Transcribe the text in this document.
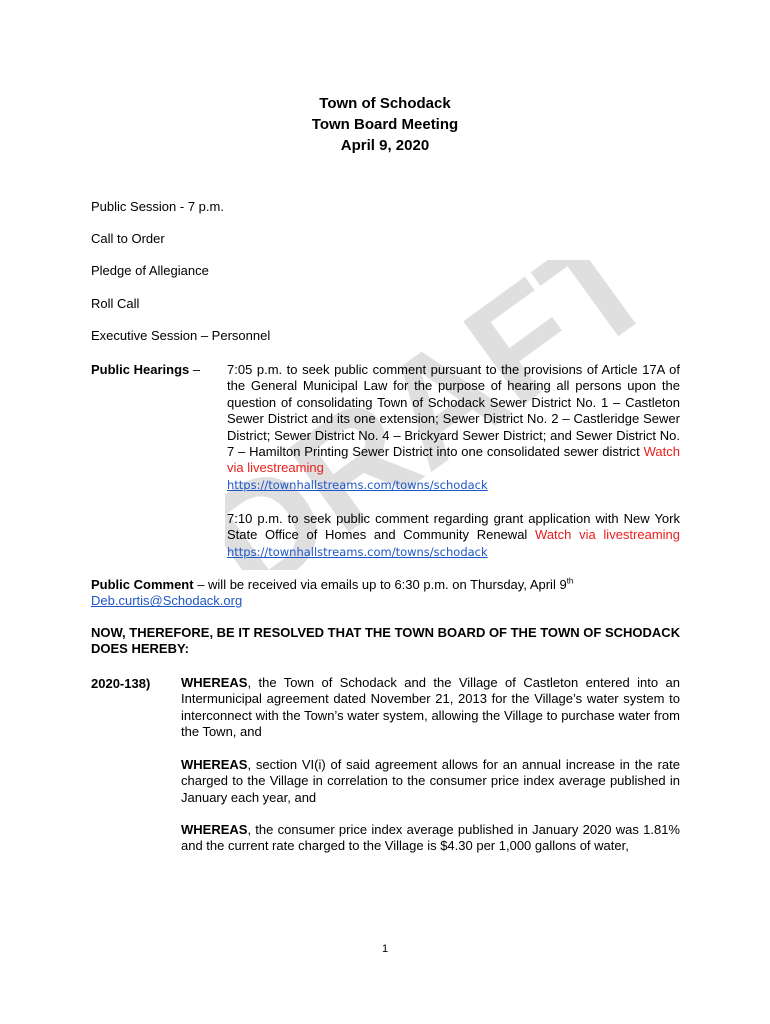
DRAFT
Town of Schodack
Town Board Meeting
April 9, 2020
Public Session - 7 p.m.
Call to Order
Pledge of Allegiance
Roll Call
Executive Session – Personnel
Public Hearings – 7:05 p.m. to seek public comment pursuant to the provisions of Article 17A of the General Municipal Law for the purpose of hearing all persons upon the question of consolidating Town of Schodack Sewer District No. 1 – Castleton Sewer District and its one extension; Sewer District No. 2 – Castleridge Sewer District; Sewer District No. 4 – Brickyard Sewer District; and Sewer District No. 7 – Hamilton Printing Sewer District into one consolidated sewer district Watch via livestreaming
https://townhallstreams.com/towns/schodack
7:10 p.m. to seek public comment regarding grant application with New York State Office of Homes and Community Renewal Watch via livestreaming https://townhallstreams.com/towns/schodack
Public Comment – will be received via emails up to 6:30 p.m. on Thursday, April 9th
Deb.curtis@Schodack.org
NOW, THEREFORE, BE IT RESOLVED THAT THE TOWN BOARD OF THE TOWN OF SCHODACK DOES HEREBY:
2020-138) WHEREAS, the Town of Schodack and the Village of Castleton entered into an Intermunicipal agreement dated November 21, 2013 for the Village’s water system to interconnect with the Town’s water system, allowing the Village to purchase water from the Town, and
WHEREAS, section VI(i) of said agreement allows for an annual increase in the rate charged to the Village in correlation to the consumer price index average published in January each year, and
WHEREAS, the consumer price index average published in January 2020 was 1.81% and the current rate charged to the Village is $4.30 per 1,000 gallons of water,
1
